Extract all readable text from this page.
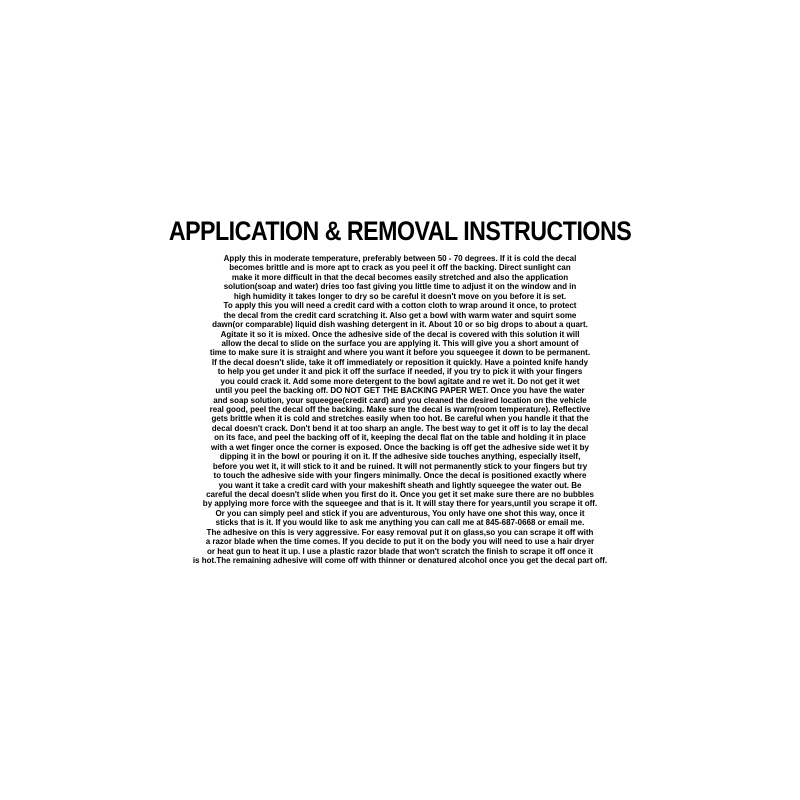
APPLICATION & REMOVAL INSTRUCTIONS
Apply this in moderate temperature, preferably between 50 - 70 degrees. If it is cold the decal
becomes brittle and is more apt to crack as you peel it off the backing. Direct sunlight can
make it more difficult in that the decal becomes easily stretched and also the application
solution(soap and water) dries too fast giving you little time to adjust it on the window and in
high humidity it takes longer to dry so be careful it doesn't move on you before it is set.
To apply this you will need a credit card with a cotton cloth to wrap around it once, to protect
the decal from the credit card scratching it. Also get a bowl with warm water and squirt some
dawn(or comparable) liquid dish washing detergent in it. About 10 or so big drops to about a quart.
Agitate it so it is mixed. Once the adhesive side of the decal is covered with this solution it will
allow the decal to slide on the surface you are applying it. This will give you a short amount of
time to make sure it is straight and where you want it before you squeegee it down to be permanent.
If the decal doesn't slide, take it off immediately or reposition it quickly. Have a pointed knife handy
to help you get under it and pick it off the surface if needed, if you try to pick it with your fingers
you could crack it. Add some more detergent to the bowl agitate and re wet it. Do not get it wet
until you peel the backing off. DO NOT GET THE BACKING PAPER WET. Once you have the water
and soap solution, your squeegee(credit card) and you cleaned the desired location on the vehicle
real good, peel the decal off the backing. Make sure the decal is warm(room temperature). Reflective
gets brittle when it is cold and stretches easily when too hot. Be careful when you handle it that the
decal doesn't crack. Don't bend it at too sharp an angle. The best way to get it off is to lay the decal
on its face, and peel the backing off of it, keeping the decal flat on the table and holding it in place
with a wet finger once the corner is exposed. Once the backing is off get the adhesive side wet it by
dipping it in the bowl or pouring it on it. If the adhesive side touches anything, especially itself,
before you wet it, it will stick to it and be ruined. It will not permanently stick to your fingers but try
to touch the adhesive side with your fingers minimally. Once the decal is positioned exactly where
you want it take a credit card with your makeshift sheath and lightly squeegee the water out. Be
careful the decal doesn't slide when you first do it. Once you get it set make sure there are no bubbles
by applying more force with the squeegee and that is it. It will stay there for years,until you scrape it off.
Or you can simply peel and stick if you are adventurous, You only have one shot this way, once it
sticks that is it. If you would like to ask me anything you can call me at 845-687-0668 or email me.
The adhesive on this is very aggressive. For easy removal put it on glass,so you can scrape it off with
a razor blade when the time comes. If you decide to put it on the body you will need to use a hair dryer
or heat gun to heat it up. I use a plastic razor blade that won't scratch the finish to scrape it off once it
is hot.The remaining adhesive will come off with thinner or denatured alcohol once you get the decal part off.
